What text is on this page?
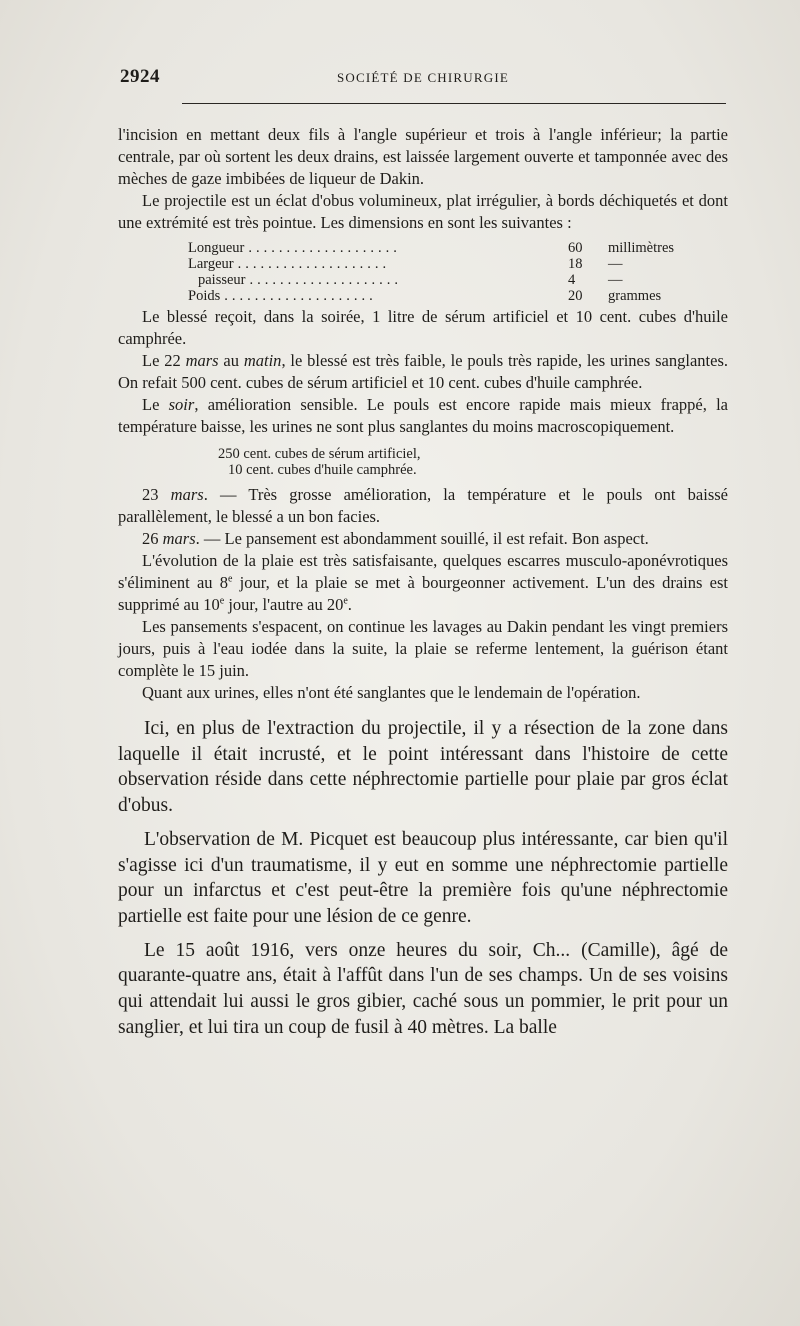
2924	SOCIÉTÉ DE CHIRURGIE

l'incision en mettant deux fils à l'angle supérieur et trois à l'angle inférieur; la partie centrale, par où sortent les deux drains, est laissée largement ouverte et tamponnée avec des mèches de gaze imbibées de liqueur de Dakin.

Le projectile est un éclat d'obus volumineux, plat irrégulier, à bords déchiquetés et dont une extrémité est très pointue. Les dimensions en sont les suivantes :

Longueur ....................	60 millimètres
Largeur ....................	18 —
paisseur ....................	4 —
Poids ....................	20 grammes

Le blessé reçoit, dans la soirée, 1 litre de sérum artificiel et 10 cent. cubes d'huile camphrée.

Le 22 mars au matin, le blessé est très faible, le pouls très rapide, les urines sanglantes. On refait 500 cent. cubes de sérum artificiel et 10 cent. cubes d'huile camphrée.

Le soir, amélioration sensible. Le pouls est encore rapide mais mieux frappé, la température baisse, les urines ne sont plus sanglantes du moins macroscopiquement.

250 cent. cubes de sérum artificiel,
10 cent. cubes d'huile camphrée.

23 mars. — Très grosse amélioration, la température et le pouls ont baissé parallèlement, le blessé a un bon facies.

26 mars. — Le pansement est abondamment souillé, il est refait. Bon aspect.

L'évolution de la plaie est très satisfaisante, quelques escarres musculo-aponévrotiques s'éliminent au 8e jour, et la plaie se met à bourgeonner activement. L'un des drains est supprimé au 10e jour, l'autre au 20e.

Les pansements s'espacent, on continue les lavages au Dakin pendant les vingt premiers jours, puis à l'eau iodée dans la suite, la plaie se referme lentement, la guérison étant complète le 15 juin.

Quant aux urines, elles n'ont été sanglantes que le lendemain de l'opération.

Ici, en plus de l'extraction du projectile, il y a résection de la zone dans laquelle il était incrusté, et le point intéressant dans l'histoire de cette observation réside dans cette néphrectomie partielle pour plaie par gros éclat d'obus.

L'observation de M. Picquet est beaucoup plus intéressante, car bien qu'il s'agisse ici d'un traumatisme, il y eut en somme une néphrectomie partielle pour un infarctus et c'est peut-être la première fois qu'une néphrectomie partielle est faite pour une lésion de ce genre.

Le 15 août 1916, vers onze heures du soir, Ch... (Camille), âgé de quarante-quatre ans, était à l'affût dans l'un de ses champs. Un de ses voisins qui attendait lui aussi le gros gibier, caché sous un pommier, le prit pour un sanglier, et lui tira un coup de fusil à 40 mètres. La balle
